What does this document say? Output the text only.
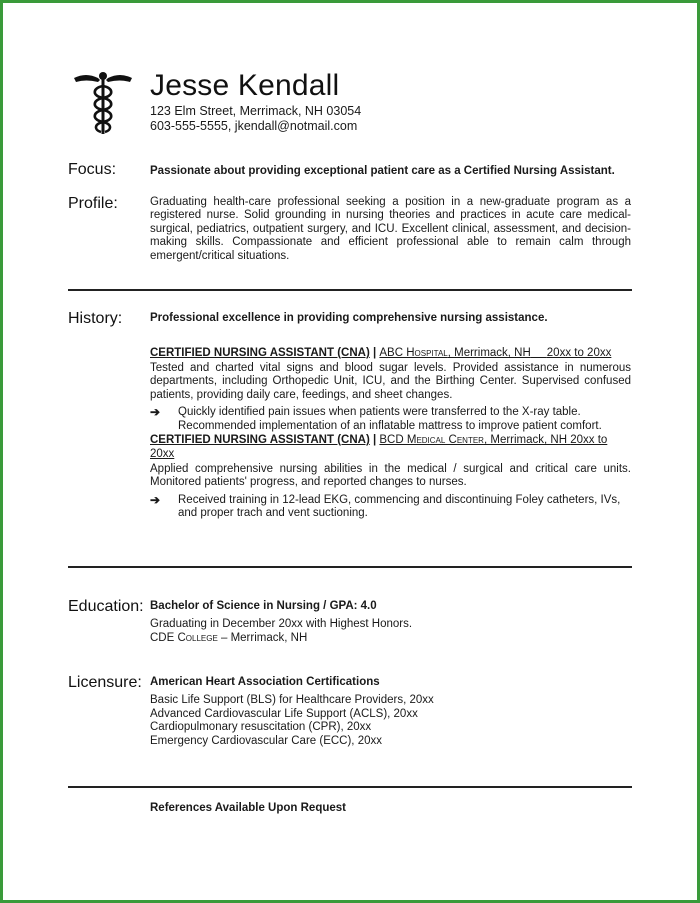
Jesse Kendall
123 Elm Street, Merrimack, NH 03054
603-555-5555, jkendall@notmail.com
Focus:	Passionate about providing exceptional patient care as a Certified Nursing Assistant.
Profile:	Graduating health-care professional seeking a position in a new-graduate program as a registered nurse. Solid grounding in nursing theories and practices in acute care medical-surgical, pediatrics, outpatient surgery, and ICU. Excellent clinical, assessment, and decision-making skills. Compassionate and efficient professional able to remain calm through emergent/critical situations.
History: Professional excellence in providing comprehensive nursing assistance.
CERTIFIED NURSING ASSISTANT (CNA) | ABC Hospital, Merrimack, NH 20xx to 20xx
Tested and charted vital signs and blood sugar levels. Provided assistance in numerous departments, including Orthopedic Unit, ICU, and the Birthing Center. Supervised confused patients, providing daily care, feedings, and sheet changes.
➔ Quickly identified pain issues when patients were transferred to the X-ray table.
Recommended implementation of an inflatable mattress to improve patient comfort.
CERTIFIED NURSING ASSISTANT (CNA) | BCD Medical Center, Merrimack, NH 20xx to 20xx
Applied comprehensive nursing abilities in the medical / surgical and critical care units. Monitored patients' progress, and reported changes to nurses.
➔ Received training in 12-lead EKG, commencing and discontinuing Foley catheters, IVs,
and proper trach and vent suctioning.
Education: Bachelor of Science in Nursing / GPA: 4.0
Graduating in December 20xx with Highest Honors.
CDE College – Merrimack, NH
Licensure: American Heart Association Certifications
Basic Life Support (BLS) for Healthcare Providers, 20xx
Advanced Cardiovascular Life Support (ACLS), 20xx
Cardiopulmonary resuscitation (CPR), 20xx
Emergency Cardiovascular Care (ECC), 20xx
References Available Upon Request
